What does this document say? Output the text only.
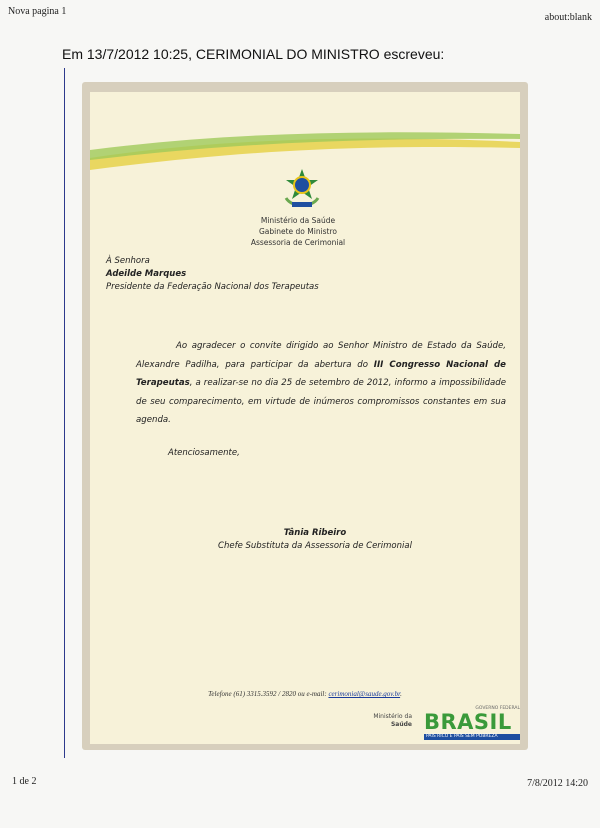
Nova pagina 1
about:blank
1 de 2	7/8/2012 14:20
Em 13/7/2012 10:25, CERIMONIAL DO MINISTRO escreveu:
Ministério da Saúde
Gabinete do Ministro
Assessoria de Cerimonial
À Senhora
Adeilde Marques
Presidente da Federação Nacional dos Terapeutas
Ao agradecer o convite dirigido ao Senhor Ministro de Estado da Saúde, Alexandre Padilha, para participar da abertura do III Congresso Nacional de Terapeutas, a realizar-se no dia 25 de setembro de 2012, informo a impossibilidade de seu comparecimento, em virtude de inúmeros compromissos constantes em sua agenda.
Atenciosamente,
Tânia Ribeiro
Chefe Substituta da Assessoria de Cerimonial
Telefone (61) 3315.3592 / 2820 ou e-mail: cerimonial@saude.gov.br.
Ministério da
Saúde
GOVERNO FEDERAL
BRASIL
PAÍS RICO É PAÍS SEM POBREZA
